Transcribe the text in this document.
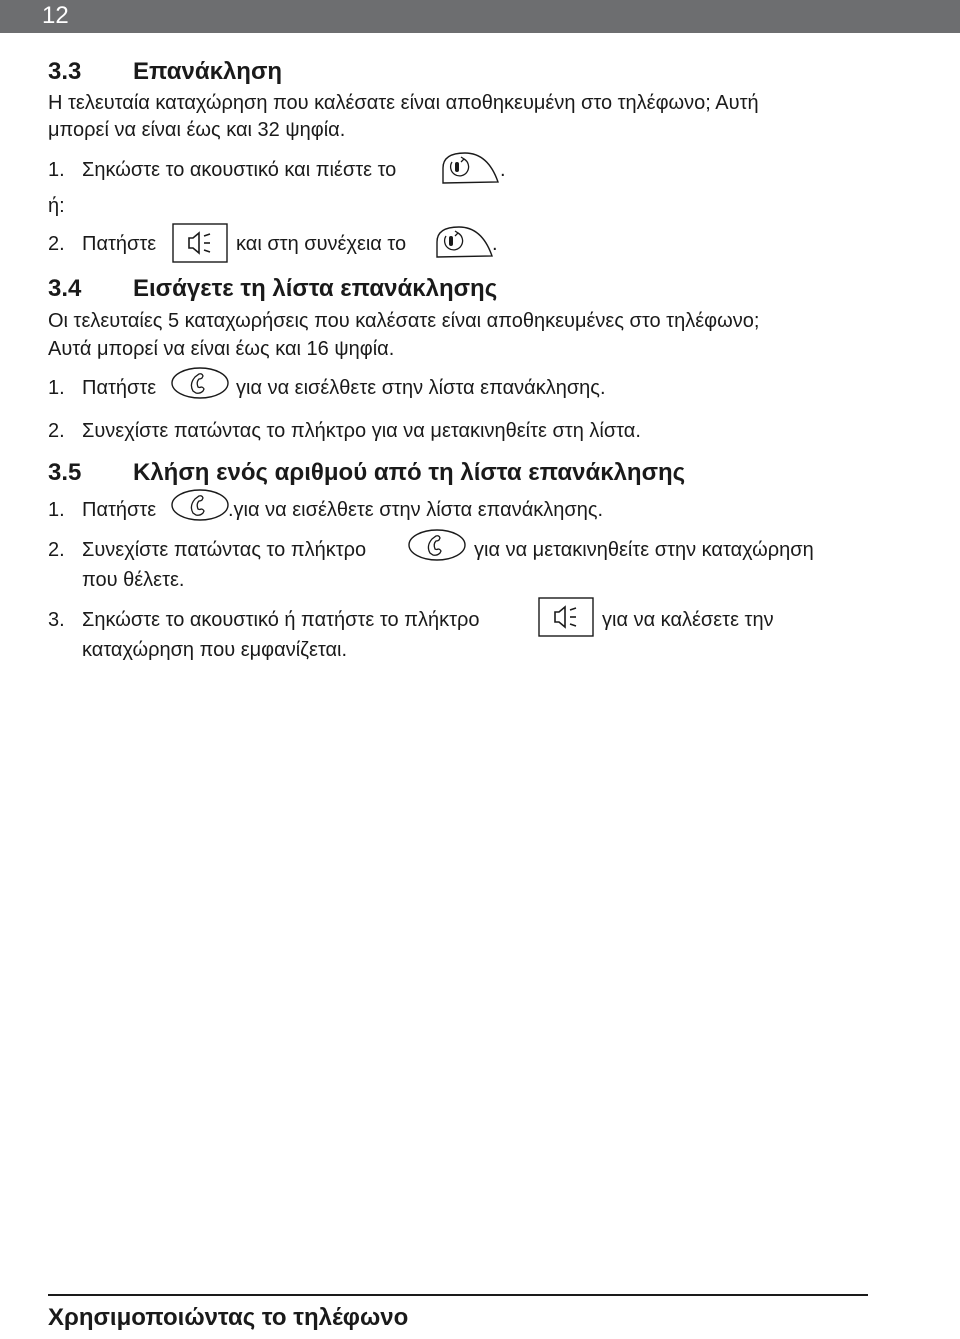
12
3.3 Επανάκληση
Η τελευταία καταχώρηση που καλέσατε είναι αποθηκευμένη στο τηλέφωνο; Αυτή
μπορεί να είναι έως και 32 ψηφία.
1. Σηκώστε το ακουστικό και πιέστε το	.
ή:
2. Πατήστε	και στη συνέχεια το	.
3.4 Εισάγετε τη λίστα επανάκλησης
Οι τελευταίες 5 καταχωρήσεις που καλέσατε είναι αποθηκευμένες στο τηλέφωνο;
Αυτά μπορεί να είναι έως και 16 ψηφία.
1. Πατήστε	για να εισέλθετε στην λίστα επανάκλησης.
2. Συνεχίστε πατώντας το πλήκτρο για να μετακινηθείτε στη λίστα.
3.5 Κλήση ενός αριθμού από τη λίστα επανάκλησης
1. Πατήστε	.για να εισέλθετε στην λίστα επανάκλησης.
2. Συνεχίστε πατώντας το πλήκτρο	για να μετακινηθείτε στην καταχώρηση
που θέλετε.
3. Σηκώστε το ακουστικό ή πατήστε το πλήκτρο	για να καλέσετε την
καταχώρηση που εμφανίζεται.
Χρησιμοποιώντας το τηλέφωνο
